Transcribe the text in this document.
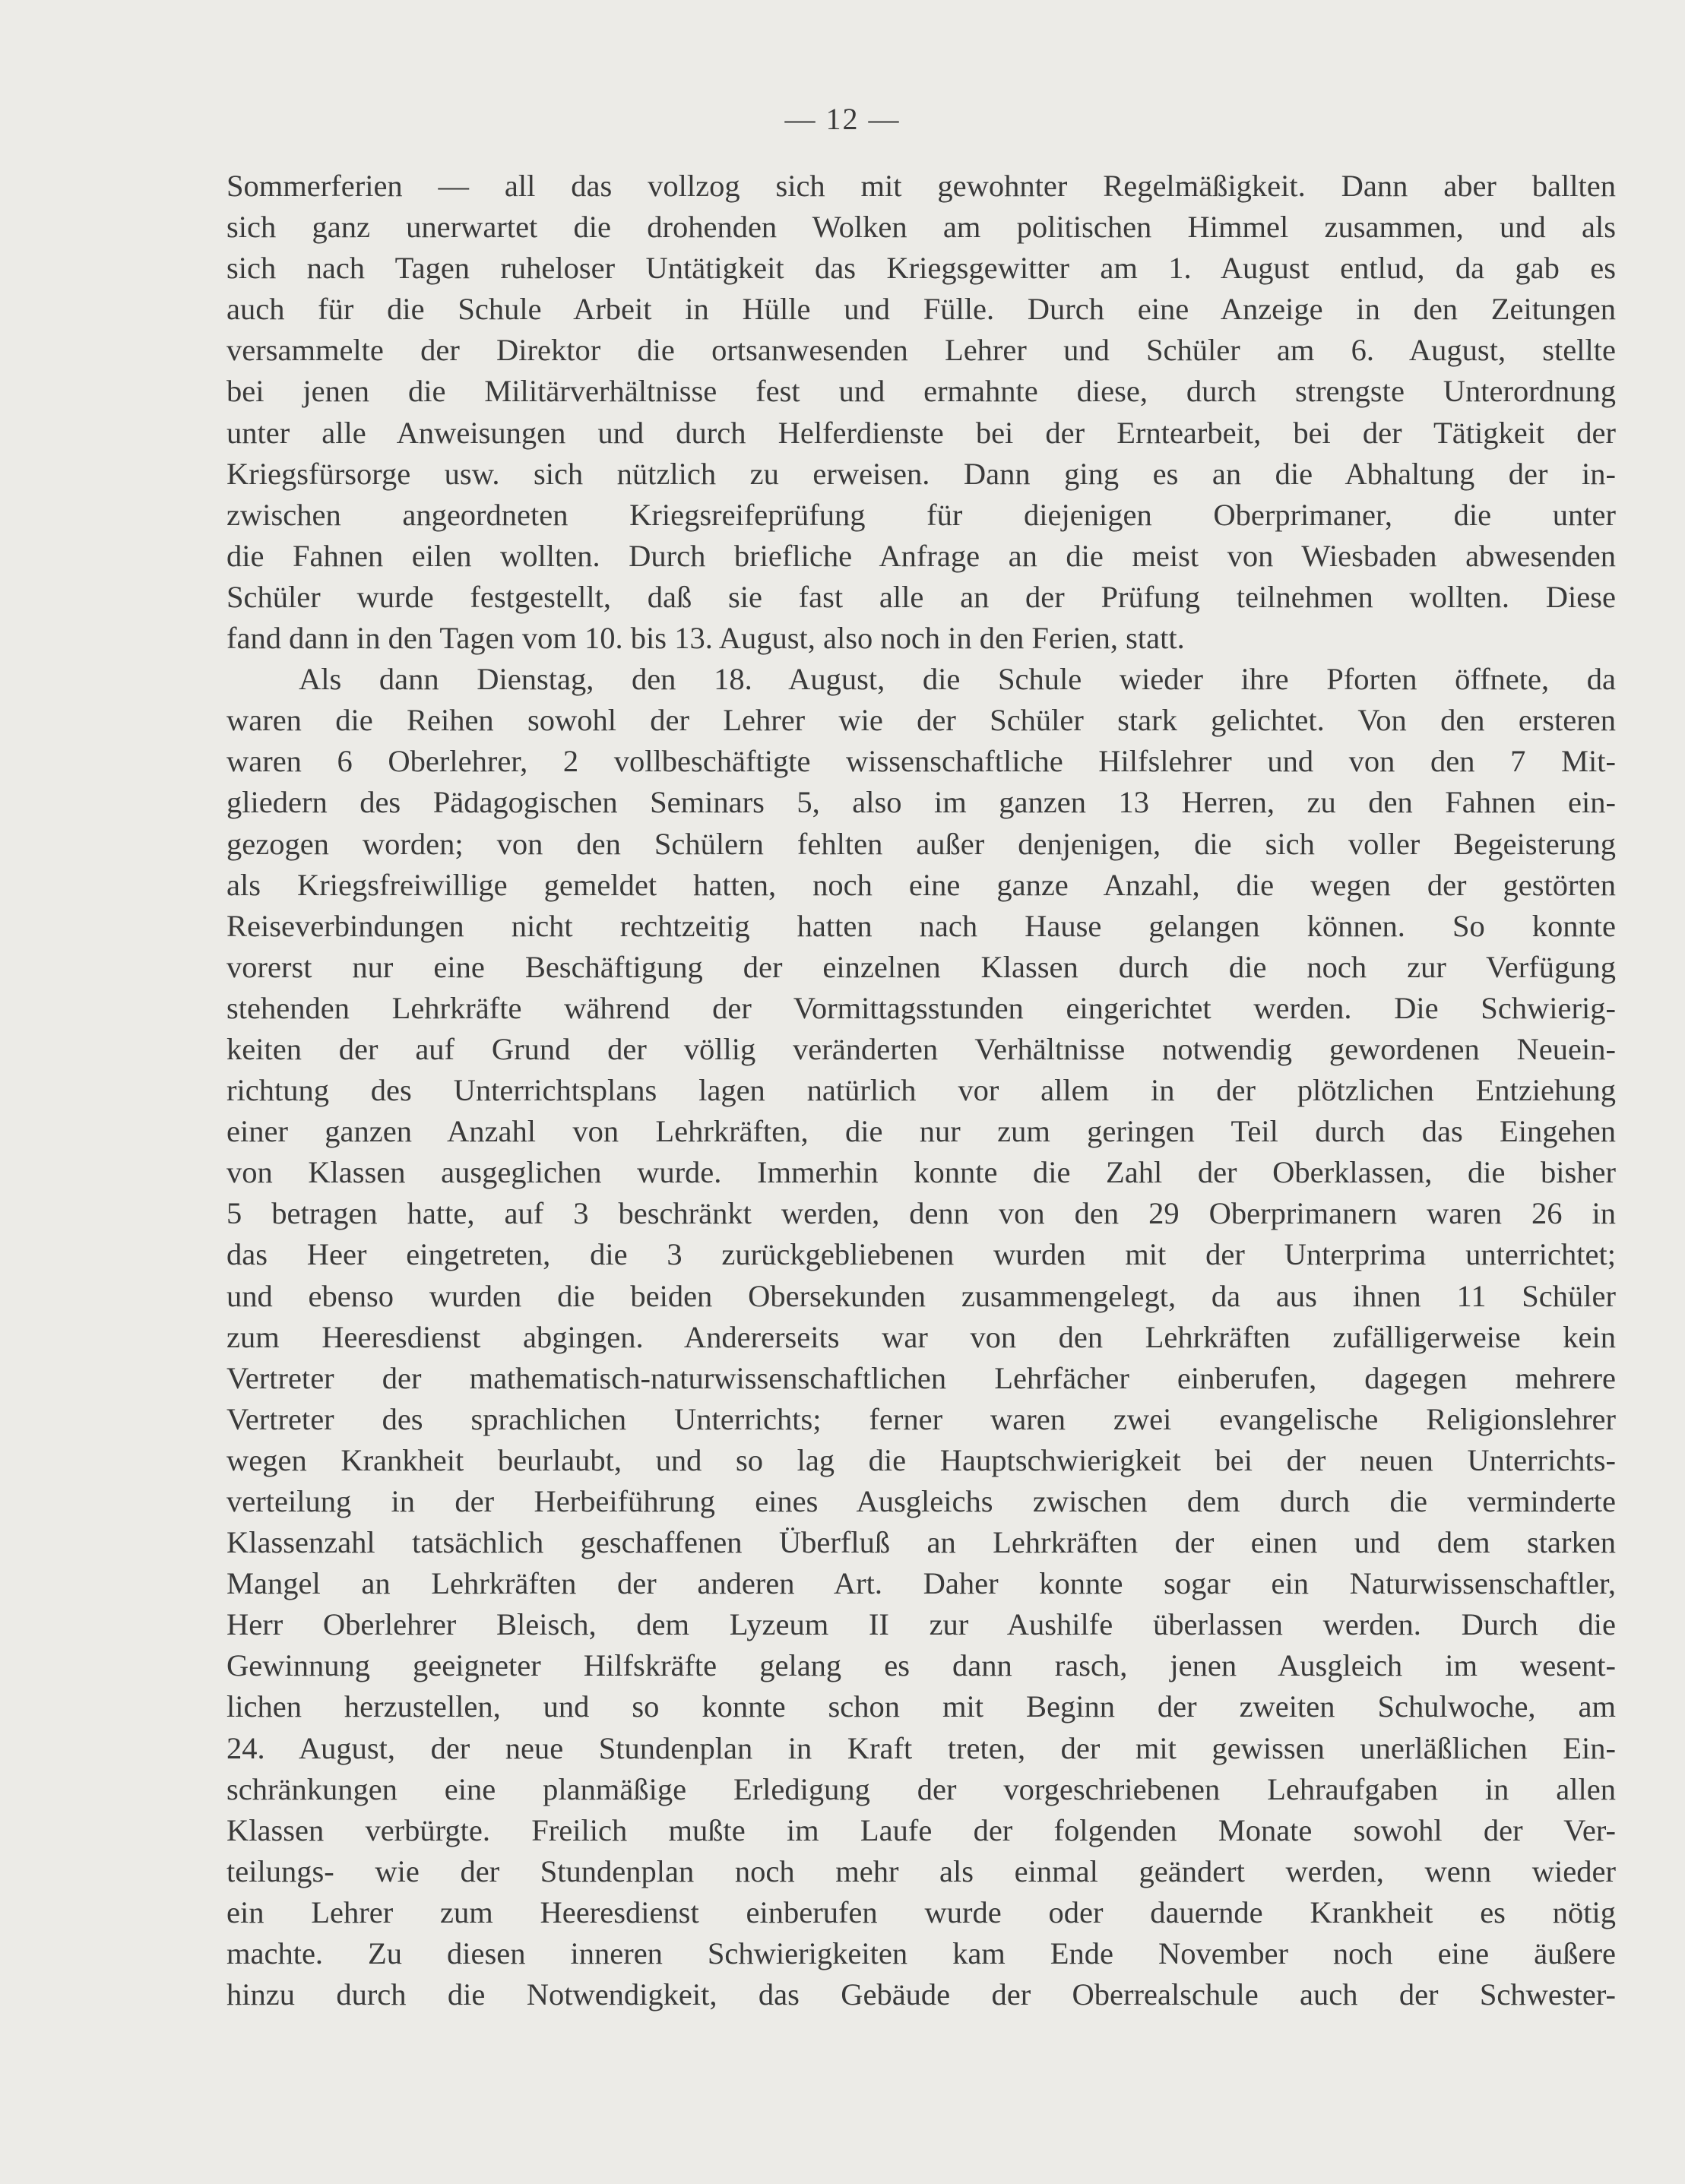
— 12 —
Sommerferien — all das vollzog sich mit gewohnter Regelmäßigkeit. Dann aber ballten
sich ganz unerwartet die drohenden Wolken am politischen Himmel zusammen, und als
sich nach Tagen ruheloser Untätigkeit das Kriegsgewitter am 1. August entlud, da gab es
auch für die Schule Arbeit in Hülle und Fülle. Durch eine Anzeige in den Zeitungen
versammelte der Direktor die ortsanwesenden Lehrer und Schüler am 6. August, stellte
bei jenen die Militärverhältnisse fest und ermahnte diese, durch strengste Unterordnung
unter alle Anweisungen und durch Helferdienste bei der Erntearbeit, bei der Tätigkeit der
Kriegsfürsorge usw. sich nützlich zu erweisen. Dann ging es an die Abhaltung der in-
zwischen angeordneten Kriegsreifeprüfung für diejenigen Oberprimaner, die unter
die Fahnen eilen wollten. Durch briefliche Anfrage an die meist von Wiesbaden abwesenden
Schüler wurde festgestellt, daß sie fast alle an der Prüfung teilnehmen wollten. Diese
fand dann in den Tagen vom 10. bis 13. August, also noch in den Ferien, statt.
Als dann Dienstag, den 18. August, die Schule wieder ihre Pforten öffnete, da
waren die Reihen sowohl der Lehrer wie der Schüler stark gelichtet. Von den ersteren
waren 6 Oberlehrer, 2 vollbeschäftigte wissenschaftliche Hilfslehrer und von den 7 Mit-
gliedern des Pädagogischen Seminars 5, also im ganzen 13 Herren, zu den Fahnen ein-
gezogen worden; von den Schülern fehlten außer denjenigen, die sich voller Begeisterung
als Kriegsfreiwillige gemeldet hatten, noch eine ganze Anzahl, die wegen der gestörten
Reiseverbindungen nicht rechtzeitig hatten nach Hause gelangen können. So konnte
vorerst nur eine Beschäftigung der einzelnen Klassen durch die noch zur Verfügung
stehenden Lehrkräfte während der Vormittagsstunden eingerichtet werden. Die Schwierig-
keiten der auf Grund der völlig veränderten Verhältnisse notwendig gewordenen Neuein-
richtung des Unterrichtsplans lagen natürlich vor allem in der plötzlichen Entziehung
einer ganzen Anzahl von Lehrkräften, die nur zum geringen Teil durch das Eingehen
von Klassen ausgeglichen wurde. Immerhin konnte die Zahl der Oberklassen, die bisher
5 betragen hatte, auf 3 beschränkt werden, denn von den 29 Oberprimanern waren 26 in
das Heer eingetreten, die 3 zurückgebliebenen wurden mit der Unterprima unterrichtet;
und ebenso wurden die beiden Obersekunden zusammengelegt, da aus ihnen 11 Schüler
zum Heeresdienst abgingen. Andererseits war von den Lehrkräften zufälligerweise kein
Vertreter der mathematisch-naturwissenschaftlichen Lehrfächer einberufen, dagegen mehrere
Vertreter des sprachlichen Unterrichts; ferner waren zwei evangelische Religionslehrer
wegen Krankheit beurlaubt, und so lag die Hauptschwierigkeit bei der neuen Unterrichts-
verteilung in der Herbeiführung eines Ausgleichs zwischen dem durch die verminderte
Klassenzahl tatsächlich geschaffenen Überfluß an Lehrkräften der einen und dem starken
Mangel an Lehrkräften der anderen Art. Daher konnte sogar ein Naturwissenschaftler,
Herr Oberlehrer Bleisch, dem Lyzeum II zur Aushilfe überlassen werden. Durch die
Gewinnung geeigneter Hilfskräfte gelang es dann rasch, jenen Ausgleich im wesent-
lichen herzustellen, und so konnte schon mit Beginn der zweiten Schulwoche, am
24. August, der neue Stundenplan in Kraft treten, der mit gewissen unerläßlichen Ein-
schränkungen eine planmäßige Erledigung der vorgeschriebenen Lehraufgaben in allen
Klassen verbürgte. Freilich mußte im Laufe der folgenden Monate sowohl der Ver-
teilungs- wie der Stundenplan noch mehr als einmal geändert werden, wenn wieder
ein Lehrer zum Heeresdienst einberufen wurde oder dauernde Krankheit es nötig
machte. Zu diesen inneren Schwierigkeiten kam Ende November noch eine äußere
hinzu durch die Notwendigkeit, das Gebäude der Oberrealschule auch der Schwester-
